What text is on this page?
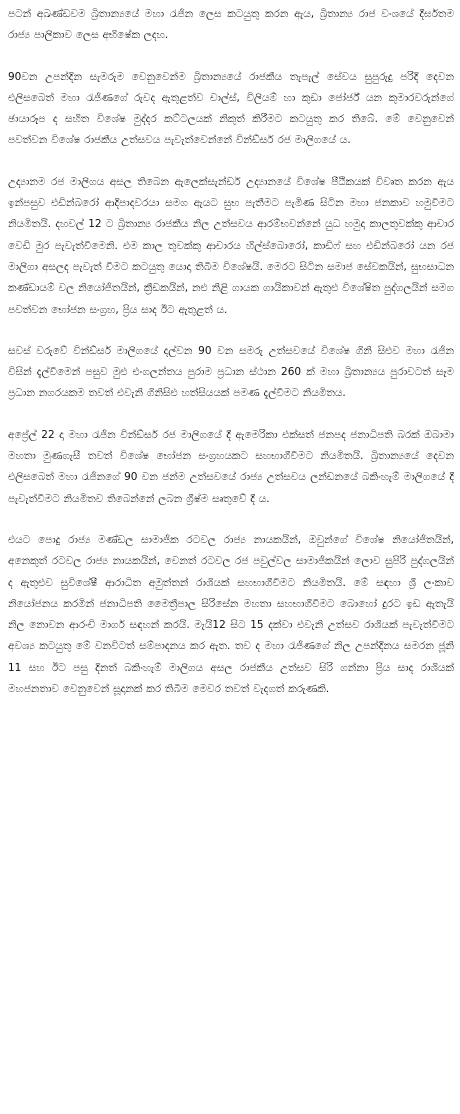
පටන් අඛණ්ඩවම බ්‍රිතාන්‍යයේ මහා රැජින ලෙස කටයුතු කරන ඇය, බ්‍රිතාන්‍ය රාජ වංශයේ දීර්ඝතම රාජ්‍ය පාලිකාව ලෙස අභිෂේක ලදහ.

90වන උපන්දින සැමරුම වෙනුවෙන්ම බ්‍රිතාන්‍යයේ රාජකීය තැපැල් සේවය සුපුරුදු පරිදි දෙවන එලිසබෙත් මහා රැජිණගේ රුවද ඇතුළත්ව චාල්ස්, විලියම් හා කුඩා ජෝර්ජ් යන කුමාරවරුන්ගේ ඡායාරූප ද සහිත විශේෂ මුද්දර කට්ටලයක් නිකුත් කිරීමට කටයුතු කර තිබේ. මේ වෙනුවෙන් පවත්වන විශේෂ රාජකීය උත්සවය පැවැත්වෙන්නේ වින්ඩ්සර් රජ මාලිගයේ ය.

උද්‍යානම රජ මාලිගය අසල තිබෙන ඇලෙක්සැන්ඩර් උද්‍යානයේ විශේෂ පීඨිකයක් විවෘත කරන ඇය ඉන්පසුව එඩින්බරෝ ආදිපාදවරයා සමග ඇයට සුභ පැතීමට පැමිණ සිටින මහා ජනකාව හමුවීමට නියමිතයි. දහවල් 12 ට බ්‍රිතාන්‍ය රාජකීය නිල උත්සවය ආරම්භවන්නේ යුධ හමුදා කාලතුවක්කු ආචාර වෙඩි මුර පැවැත්වීමෙනි. එම කාල තුවක්කු ආචාරය හිල්ස්බොරෝ, කාඩිෆ් සහ එඩින්බරෝ යන රජ මාලිගා අසලද පැවැත් වීමට කටයුතු යොදා තිබීම විශේෂයි. මෙරට සිටින සමාජ සේවකයින්, සුභසාධන කණ්ඩායම් වල නියෝජිතයින්, ක්‍රීඩකයින්, නළු නිළි ගායක ගායිකාවන් ඇතුළු විශේෂිත පුද්ගලයින් සමග පවත්වන භෝජන සංග්‍රහ, ප්‍රිය සාද ඊට ඇතුළත් ය.

සවස් වරුවේ වින්ඩ්සර් මාලිගයේ දල්වන 90 වන සමරු උත්සවයේ විශේෂ ගිනි සිළුව මහා රැජින විසින් දැල්වීමෙන් පසුව මුළු එංගලන්තය පුරාම ප්‍රධාන ස්ථාන 260 ක් මහා බ්‍රිතාන්‍යය පුරාවටත් සෑම ප්‍රධාන නගරයකම තවත් එවැනි ගිනිසිළු හත්සියයක් පමණ දැල්වීමට නියමිතය.

අප්‍රේල් 22 දා මහා රැජින වින්ඩ්සර් රජ මාලිගයේ දී ඇමෙරිකා එක්සත් ජනපද ජනාධිපති බරක් ඔබාමා මහතා මුණගැසී තවත් විශේෂ භෝජන සංග්‍රහයකට සහභාගීවීමට නියමිතයි. බ්‍රිතාන්‍යයේ දෙවන එලිසබෙත් මහා රැජිනගේ 90 වන ජන්ම උත්සවයේ රාජ්‍ය උත්සවය ලන්ඩනයේ බකිංහැම් මාලිගයේ දී පැවැත්වීමට නියමිතව තිබෙන්නේ ලබන ග්‍රීෂ්ම සෘතුවේ දී ය.

එයට පොදු රාජ්‍ය මණ්ඩල සාමාජික රටවල රාජ්‍ය නායකයින්, ඔවුන්ගේ විශේෂ නියෝජිතයින්, අනෙකුත් රටවල රාජ්‍ය නායකයින්, වෙනත් රටවල රජ පවුල්වල සාමාජිකයින් ලොව සුපිරි පුද්ගලයින් ද ඇතුළුව සුවිශේෂී ආරාධිත අමුත්තන් රාශියක් සහභාගීවීමට නියමිතයි. මේ සඳහා ශ්‍රී ලංකාව නියෝජනය කරමින් ජනාධිපති මෛත්‍රීපාල සිරිසේන මහතා සහභාගීවීමට බොහෝ දුරට ඉඩ ඇතැයි නිල නොවන ආරංචි මාර්ග සඳහන් කරයි. මැයි12 සිට 15 දක්වා එවැනි උත්සව රාශියක් පැවැත්වීමට අවශ්‍ය කටයුතු මේ වනවිටත් සම්පාදනය කර ඇත. තව ද මහා රැජිණගේ නිල උපන්දිනය සමරන ජූනි 11 සහ ඊට පසු දිනත් බකිංහැම් මාලිගය අසල රාජකීය උත්සව සිරි ගන්නා ප්‍රිය සාද රාශියක් මහජනතාව වෙනුවෙන් සූදානක් කර තිබීම මෙවර තවත් වැදගත් කරුණකි.
